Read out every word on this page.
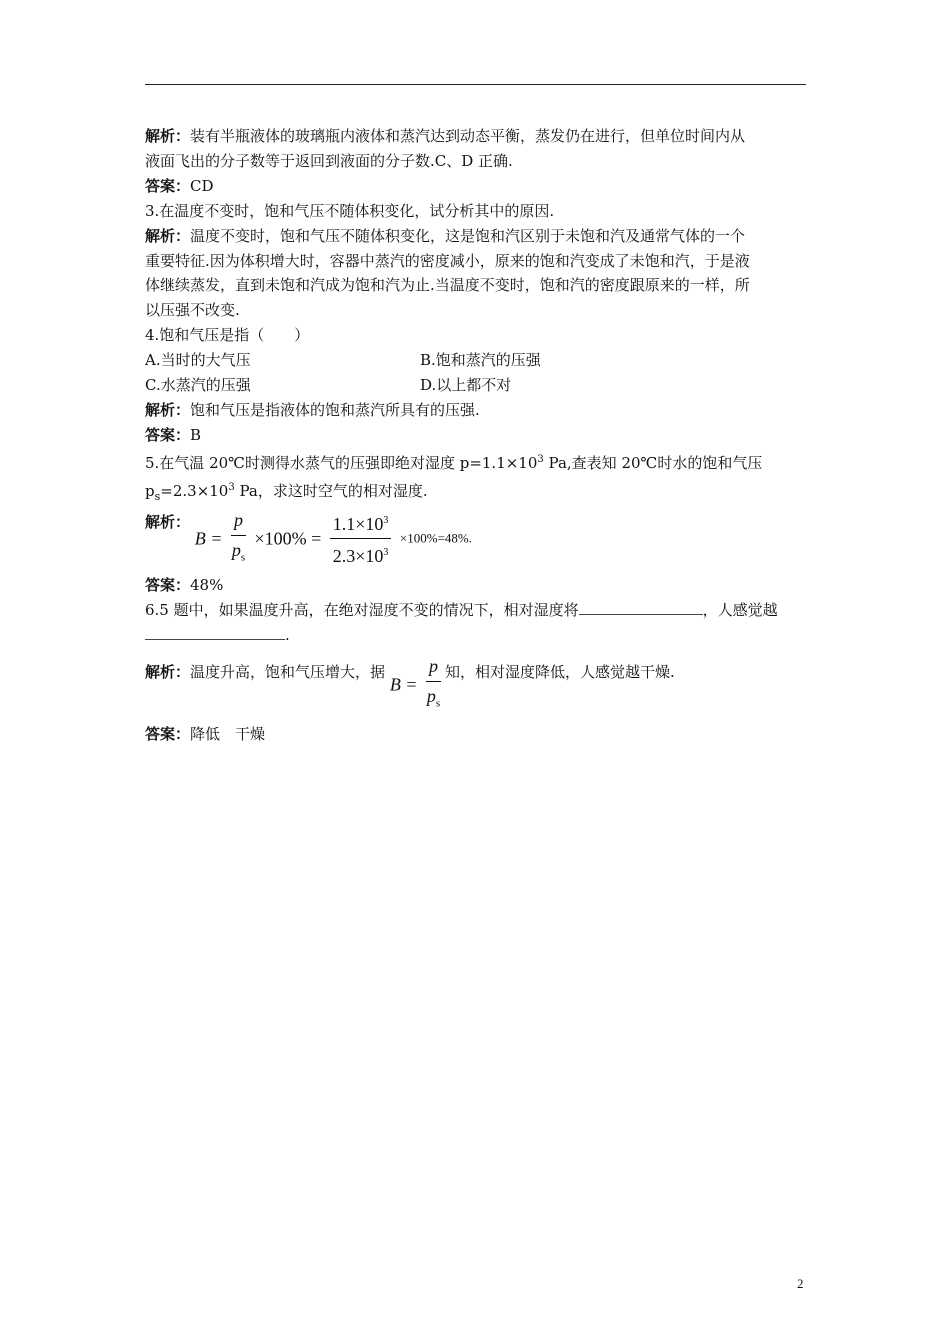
解析：装有半瓶液体的玻璃瓶内液体和蒸汽达到动态平衡，蒸发仍在进行，但单位时间内从
液面飞出的分子数等于返回到液面的分子数.C、D 正确.
答案：CD
3.在温度不变时，饱和气压不随体积变化，试分析其中的原因.
解析：温度不变时，饱和气压不随体积变化，这是饱和汽区别于未饱和汽及通常气体的一个
重要特征.因为体积增大时，容器中蒸汽的密度减小，原来的饱和汽变成了未饱和汽，于是液
体继续蒸发，直到未饱和汽成为饱和汽为止.当温度不变时，饱和汽的密度跟原来的一样，所
以压强不改变.
4.饱和气压是指（　　）
A.当时的大气压	B.饱和蒸汽的压强
C.水蒸汽的压强	D.以上都不对
解析：饱和气压是指液体的饱和蒸汽所具有的压强.
答案：B
5.在气温 20℃时测得水蒸气的压强即绝对湿度 $p=1.1\times 10^3$ Pa,查表知 20℃时水的饱和气压
$p_s=2.3\times 10^3$ Pa，求这时空气的相对湿度.
解析： $B = \frac{p}{p_s} \times 100\% = \frac{1.1\times 10^3}{2.3\times 10^3} \times 100\%=48\%$.
答案：48%
6.5 题中，如果温度升高，在绝对湿度不变的情况下，相对湿度将	，人感觉越
.
解析：温度升高，饱和气压增大，据 $B = \frac{p}{p_s}$ 知，相对湿度降低，人感觉越干燥.
答案：降低　干燥
2
